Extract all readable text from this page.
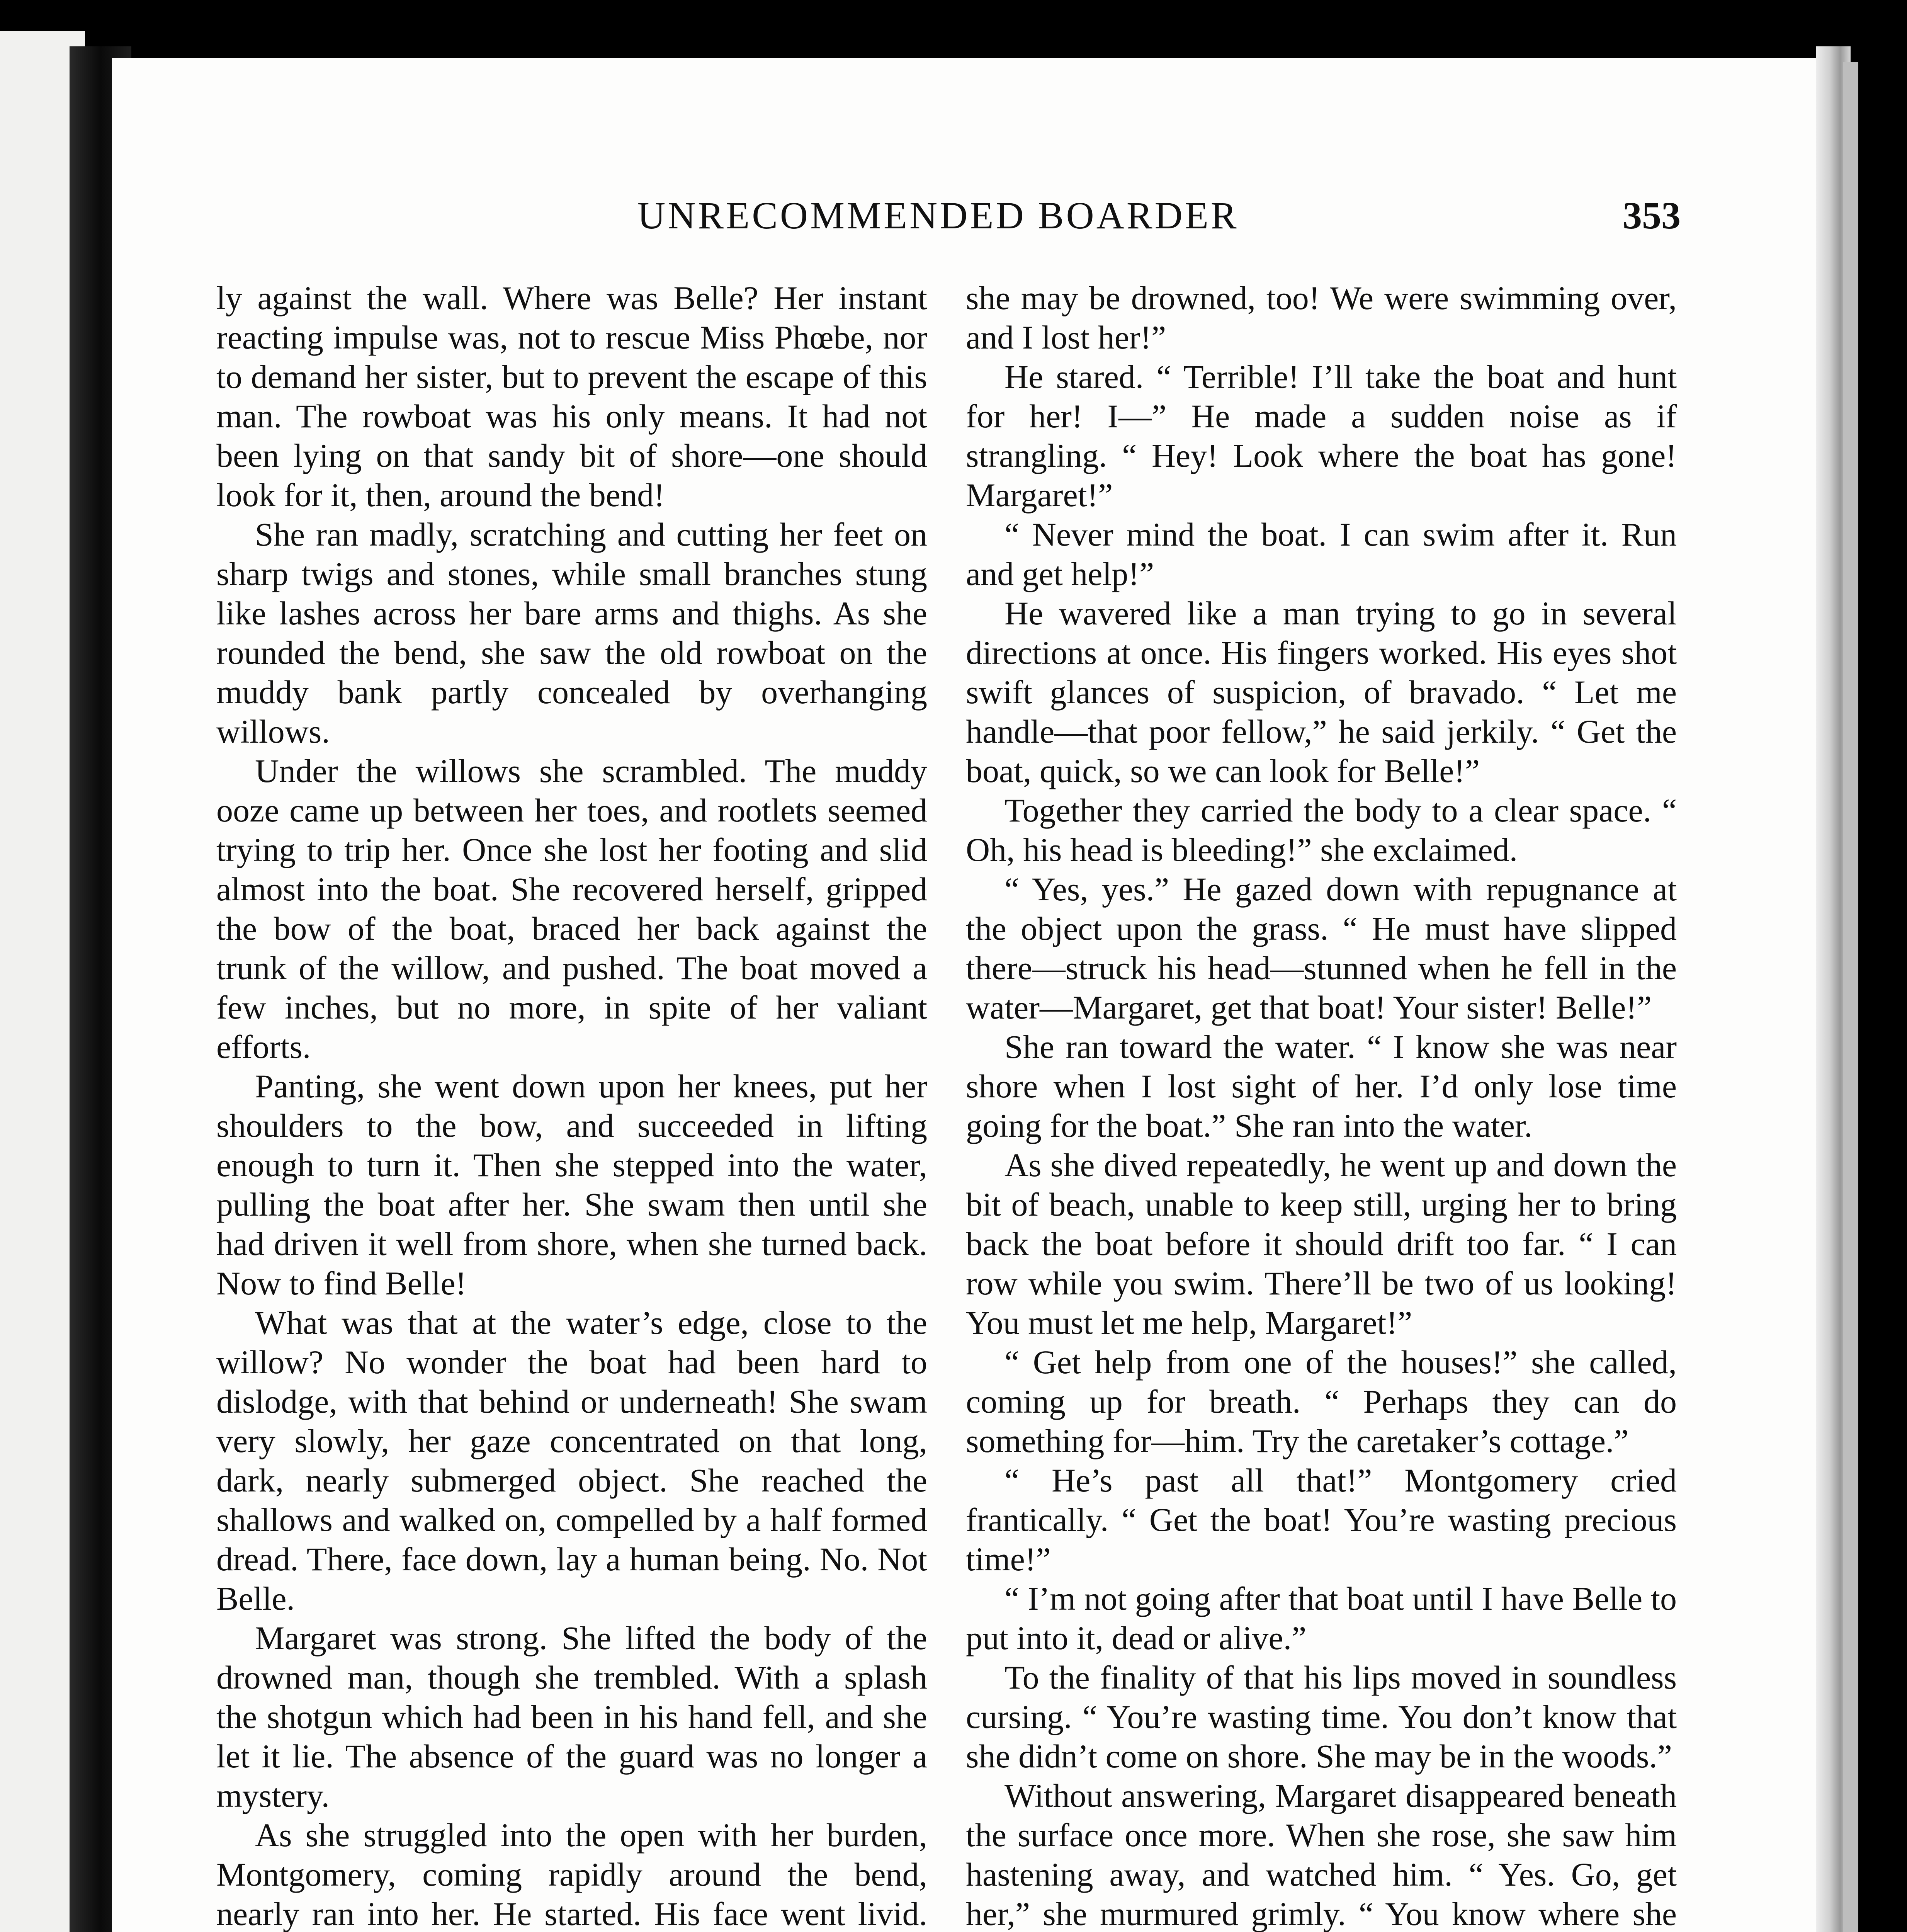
UNRECOMMENDED BOARDER	353

ly against the wall. Where was Belle? Her instant reacting impulse was, not to rescue Miss Phœbe, nor to demand her sister, but to prevent the escape of this man. The rowboat was his only means. It had not been lying on that sandy bit of shore—one should look for it, then, around the bend!

She ran madly, scratching and cutting her feet on sharp twigs and stones, while small branches stung like lashes across her bare arms and thighs. As she rounded the bend, she saw the old rowboat on the muddy bank partly concealed by overhanging willows.

Under the willows she scrambled. The muddy ooze came up between her toes, and rootlets seemed trying to trip her. Once she lost her footing and slid almost into the boat. She recovered herself, gripped the bow of the boat, braced her back against the trunk of the willow, and pushed. The boat moved a few inches, but no more, in spite of her valiant efforts.

Panting, she went down upon her knees, put her shoulders to the bow, and succeeded in lifting enough to turn it. Then she stepped into the water, pulling the boat after her. She swam then until she had driven it well from shore, when she turned back. Now to find Belle!

What was that at the water’s edge, close to the willow? No wonder the boat had been hard to dislodge, with that behind or underneath! She swam very slowly, her gaze concentrated on that long, dark, nearly submerged object. She reached the shallows and walked on, compelled by a half formed dread. There, face down, lay a human being. No. Not Belle.

Margaret was strong. She lifted the body of the drowned man, though she trembled. With a splash the shotgun which had been in his hand fell, and she let it lie. The absence of the guard was no longer a mystery.

As she struggled into the open with her burden, Montgomery, coming rapidly around the bend, nearly ran into her. He started. His face went livid.

she may be drowned, too! We were swimming over, and I lost her!”

He stared. “ Terrible! I’ll take the boat and hunt for her! I—” He made a sudden noise as if strangling. “ Hey! Look where the boat has gone! Margaret!”

“ Never mind the boat. I can swim after it. Run and get help!”

He wavered like a man trying to go in several directions at once. His fingers worked. His eyes shot swift glances of suspicion, of bravado. “ Let me handle—that poor fellow,” he said jerkily. “ Get the boat, quick, so we can look for Belle!”

Together they carried the body to a clear space. “ Oh, his head is bleeding!” she exclaimed.

“ Yes, yes.” He gazed down with repugnance at the object upon the grass. “ He must have slipped there—struck his head—stunned when he fell in the water—Margaret, get that boat! Your sister! Belle!”

She ran toward the water. “ I know she was near shore when I lost sight of her. I’d only lose time going for the boat.” She ran into the water.

As she dived repeatedly, he went up and down the bit of beach, unable to keep still, urging her to bring back the boat before it should drift too far. “ I can row while you swim. There’ll be two of us looking! You must let me help, Margaret!”

“ Get help from one of the houses!” she called, coming up for breath. “ Perhaps they can do something for—him. Try the caretaker’s cottage.”

“ He’s past all that!” Montgomery cried frantically. “ Get the boat! You’re wasting precious time!”

“ I’m not going after that boat until I have Belle to put into it, dead or alive.”

To the finality of that his lips moved in soundless cursing. “ You’re wasting time. You don’t know that she didn’t come on shore. She may be in the woods.”

Without answering, Margaret disappeared beneath the surface once more. When she rose, she saw him hastening away, and watched him. “ Yes. Go, get her,” she murmured grimly. “ You know where she
